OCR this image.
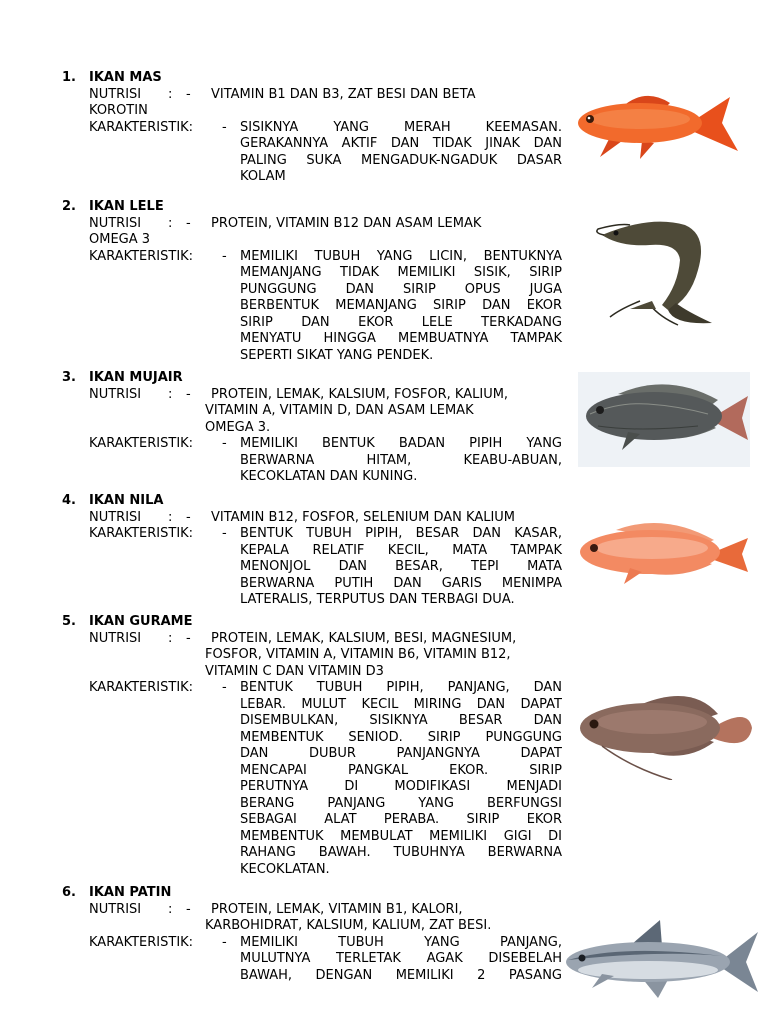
1.	IKAN MAS
NUTRISI	:	-	VITAMIN B1 DAN B3, ZAT BESI DAN BETA
KOROTIN
KARAKTERISTIK:	-	SISIKNYA YANG MERAH KEEMASAN.
GERAKANNYA AKTIF DAN TIDAK JINAK DAN
PALING SUKA MENGADUK-NGADUK DASAR
KOLAM
2.	IKAN LELE
NUTRISI	:	-	PROTEIN, VITAMIN B12 DAN ASAM LEMAK
OMEGA 3
KARAKTERISTIK:	-	MEMILIKI TUBUH YANG LICIN, BENTUKNYA
MEMANJANG TIDAK MEMILIKI SISIK, SIRIP
PUNGGUNG DAN SIRIP OPUS JUGA
BERBENTUK MEMANJANG SIRIP DAN EKOR
SIRIP DAN EKOR LELE TERKADANG
MENYATU HINGGA MEMBUATNYA TAMPAK
SEPERTI SIKAT YANG PENDEK.
3.	IKAN MUJAIR
NUTRISI	:	-	PROTEIN, LEMAK, KALSIUM, FOSFOR, KALIUM,
VITAMIN A, VITAMIN D, DAN ASAM LEMAK
OMEGA 3.
KARAKTERISTIK:	-	MEMILIKI BENTUK BADAN PIPIH YANG
BERWARNA HITAM, KEABU-ABUAN,
KECOKLATAN DAN KUNING.
4.	IKAN NILA
NUTRISI	:	-	VITAMIN B12, FOSFOR, SELENIUM DAN KALIUM
KARAKTERISTIK:	-	BENTUK TUBUH PIPIH, BESAR DAN KASAR,
KEPALA RELATIF KECIL, MATA TAMPAK
MENONJOL DAN BESAR, TEPI MATA
BERWARNA PUTIH DAN GARIS MENIMPA
LATERALIS, TERPUTUS DAN TERBAGI DUA.
5.	IKAN GURAME
NUTRISI	:	-	PROTEIN, LEMAK, KALSIUM, BESI, MAGNESIUM,
FOSFOR, VITAMIN A, VITAMIN B6, VITAMIN B12,
VITAMIN C DAN VITAMIN D3
KARAKTERISTIK:	-	BENTUK TUBUH PIPIH, PANJANG, DAN
LEBAR. MULUT KECIL MIRING DAN DAPAT
DISEMBULKAN, SISIKNYA BESAR DAN
MEMBENTUK SENIOD. SIRIP PUNGGUNG
DAN DUBUR PANJANGNYA DAPAT
MENCAPAI PANGKAL EKOR. SIRIP
PERUTNYA DI MODIFIKASI MENJADI
BERANG PANJANG YANG BERFUNGSI
SEBAGAI ALAT PERABA. SIRIP EKOR
MEMBENTUK MEMBULAT MEMILIKI GIGI DI
RAHANG BAWAH. TUBUHNYA BERWARNA
KECOKLATAN.
6.	IKAN PATIN
NUTRISI	:	-	PROTEIN, LEMAK, VITAMIN B1, KALORI,
KARBOHIDRAT, KALSIUM, KALIUM, ZAT BESI.
KARAKTERISTIK:	-	MEMILIKI TUBUH YANG PANJANG,
MULUTNYA TERLETAK AGAK DISEBELAH
BAWAH, DENGAN MEMILIKI 2 PASANG
